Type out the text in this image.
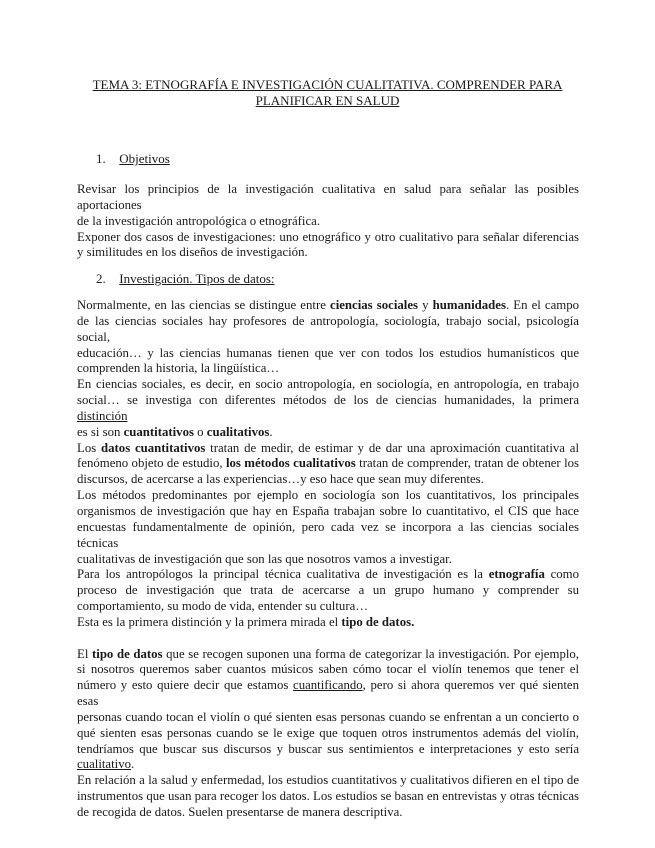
TEMA 3: ETNOGRAFÍA E INVESTIGACIÓN CUALITATIVA. COMPRENDER PARA
PLANIFICAR EN SALUD
1. Objetivos
Revisar los principios de la investigación cualitativa en salud para señalar las posibles aportaciones
de la investigación antropológica o etnográfica.
Exponer dos casos de investigaciones: uno etnográfico y otro cualitativo para señalar diferencias
y similitudes en los diseños de investigación.
2. Investigación. Tipos de datos:
Normalmente, en las ciencias se distingue entre ciencias sociales y humanidades. En el campo
de las ciencias sociales hay profesores de antropología, sociología, trabajo social, psicología social,
educación… y las ciencias humanas tienen que ver con todos los estudios humanísticos que
comprenden la historia, la lingüística…
En ciencias sociales, es decir, en socio antropología, en sociología, en antropología, en trabajo
social… se investiga con diferentes métodos de los de ciencias humanidades, la primera distinción
es si son cuantitativos o cualitativos.
Los datos cuantitativos tratan de medir, de estimar y de dar una aproximación cuantitativa al
fenómeno objeto de estudio, los métodos cualitativos tratan de comprender, tratan de obtener los
discursos, de acercarse a las experiencias…y eso hace que sean muy diferentes.
Los métodos predominantes por ejemplo en sociología son los cuantitativos, los principales
organismos de investigación que hay en España trabajan sobre lo cuantitativo, el CIS que hace
encuestas fundamentalmente de opinión, pero cada vez se incorpora a las ciencias sociales técnicas
cualitativas de investigación que son las que nosotros vamos a investigar.
Para los antropólogos la principal técnica cualitativa de investigación es la etnografía como
proceso de investigación que trata de acercarse a un grupo humano y comprender su
comportamiento, su modo de vida, entender su cultura…
Esta es la primera distinción y la primera mirada el tipo de datos.
El tipo de datos que se recogen suponen una forma de categorizar la investigación. Por ejemplo,
si nosotros queremos saber cuantos músicos saben cómo tocar el violín tenemos que tener el
número y esto quiere decir que estamos cuantificando, pero si ahora queremos ver qué sienten esas
personas cuando tocan el violín o qué sienten esas personas cuando se enfrentan a un concierto o
qué sienten esas personas cuando se le exige que toquen otros instrumentos además del violín,
tendríamos que buscar sus discursos y buscar sus sentimientos e interpretaciones y esto sería
cualitativo.
En relación a la salud y enfermedad, los estudios cuantitativos y cualitativos difieren en el tipo de
instrumentos que usan para recoger los datos. Los estudios se basan en entrevistas y otras técnicas
de recogida de datos. Suelen presentarse de manera descriptiva.
